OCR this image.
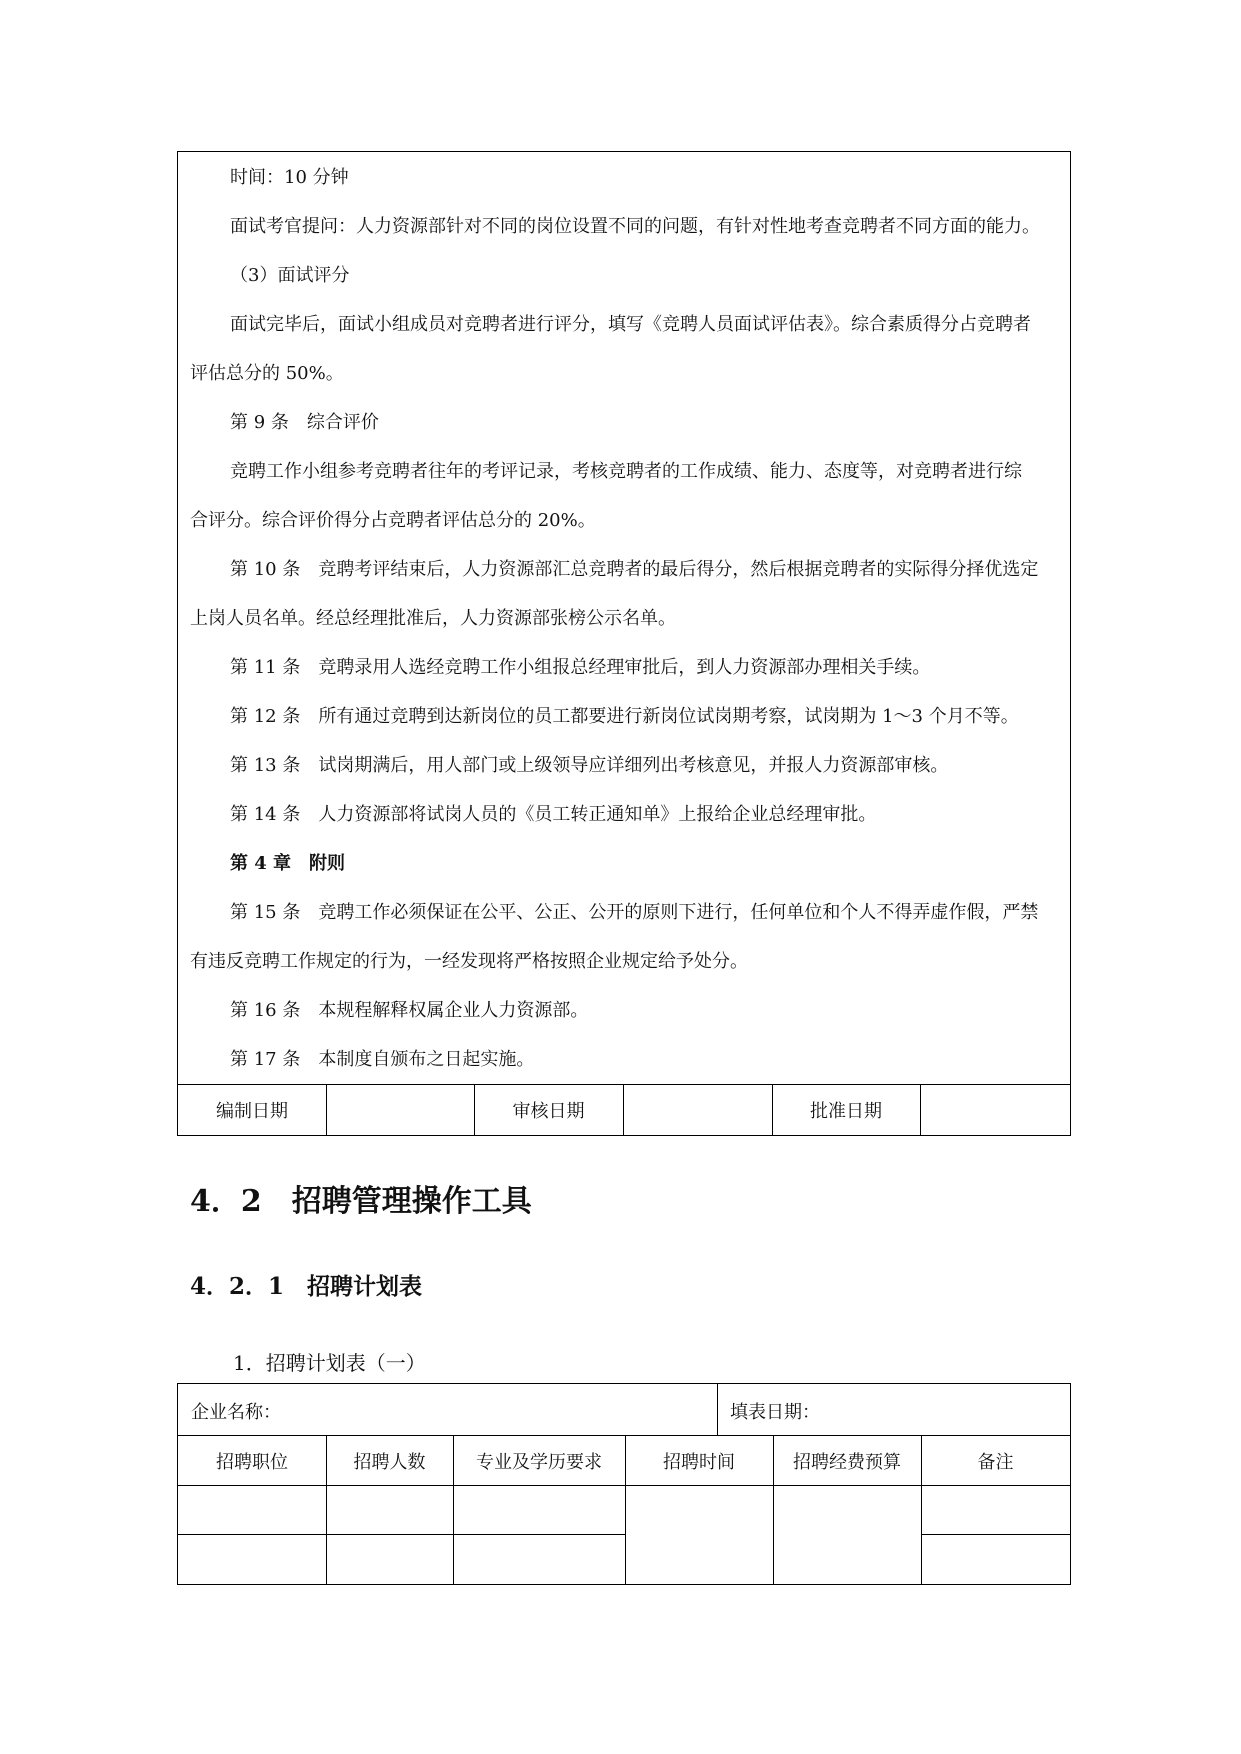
时间：10 分钟
面试考官提问：人力资源部针对不同的岗位设置不同的问题，有针对性地考查竞聘者不同方面的能力。
（3）面试评分
面试完毕后，面试小组成员对竞聘者进行评分，填写《竞聘人员面试评估表》。综合素质得分占竞聘者
评估总分的 50%。
第 9 条　综合评价
竞聘工作小组参考竞聘者往年的考评记录，考核竞聘者的工作成绩、能力、态度等，对竞聘者进行综
合评分。综合评价得分占竞聘者评估总分的 20%。
第 10 条　竞聘考评结束后，人力资源部汇总竞聘者的最后得分，然后根据竞聘者的实际得分择优选定
上岗人员名单。经总经理批准后，人力资源部张榜公示名单。
第 11 条　竞聘录用人选经竞聘工作小组报总经理审批后，到人力资源部办理相关手续。
第 12 条　所有通过竞聘到达新岗位的员工都要进行新岗位试岗期考察，试岗期为 1～3 个月不等。
第 13 条　试岗期满后，用人部门或上级领导应详细列出考核意见，并报人力资源部审核。
第 14 条　人力资源部将试岗人员的《员工转正通知单》上报给企业总经理审批。
第 4 章　附则
第 15 条　竞聘工作必须保证在公平、公正、公开的原则下进行，任何单位和个人不得弄虚作假，严禁
有违反竞聘工作规定的行为，一经发现将严格按照企业规定给予处分。
第 16 条　本规程解释权属企业人力资源部。
第 17 条　本制度自颁布之日起实施。
编制日期	审核日期	批准日期
4．2　招聘管理操作工具
4．2．1　招聘计划表
1．招聘计划表（一）
企业名称：	填表日期：
招聘职位	招聘人数	专业及学历要求	招聘时间	招聘经费预算	备注
